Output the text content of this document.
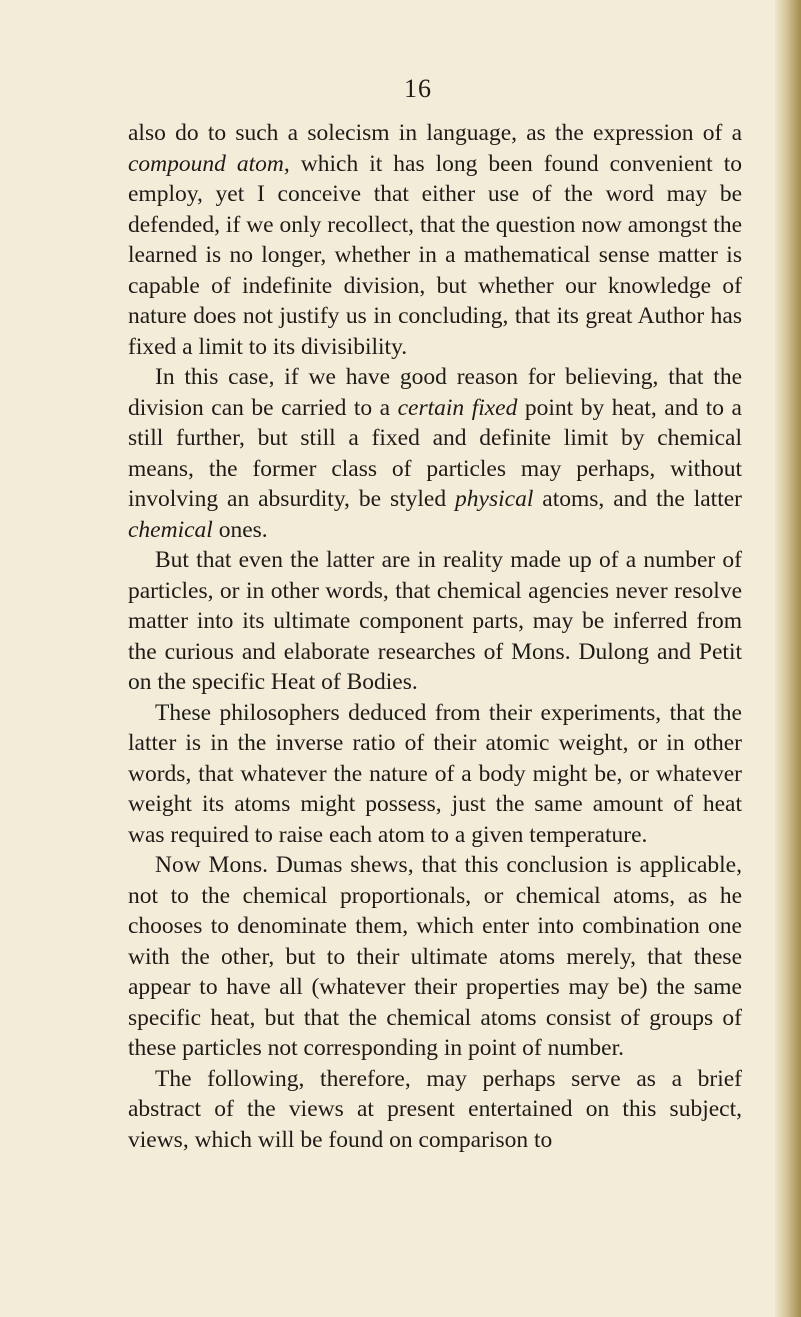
16

also do to such a solecism in language, as the expression of a compound atom, which it has long been found convenient to employ, yet I conceive that either use of the word may be defended, if we only recollect, that the question now amongst the learned is no longer, whether in a mathematical sense matter is capable of indefinite division, but whether our knowledge of nature does not justify us in concluding, that its great Author has fixed a limit to its divisibility.

In this case, if we have good reason for believing, that the division can be carried to a certain fixed point by heat, and to a still further, but still a fixed and definite limit by chemical means, the former class of particles may perhaps, without involving an absurdity, be styled physical atoms, and the latter chemical ones.

But that even the latter are in reality made up of a number of particles, or in other words, that chemical agencies never resolve matter into its ultimate component parts, may be inferred from the curious and elaborate researches of Mons. Dulong and Petit on the specific Heat of Bodies.

These philosophers deduced from their experiments, that the latter is in the inverse ratio of their atomic weight, or in other words, that whatever the nature of a body might be, or whatever weight its atoms might possess, just the same amount of heat was required to raise each atom to a given temperature.

Now Mons. Dumas shews, that this conclusion is applicable, not to the chemical proportionals, or chemical atoms, as he chooses to denominate them, which enter into combination one with the other, but to their ultimate atoms merely, that these appear to have all (whatever their properties may be) the same specific heat, but that the chemical atoms consist of groups of these particles not corresponding in point of number.

The following, therefore, may perhaps serve as a brief abstract of the views at present entertained on this subject, views, which will be found on comparison to
